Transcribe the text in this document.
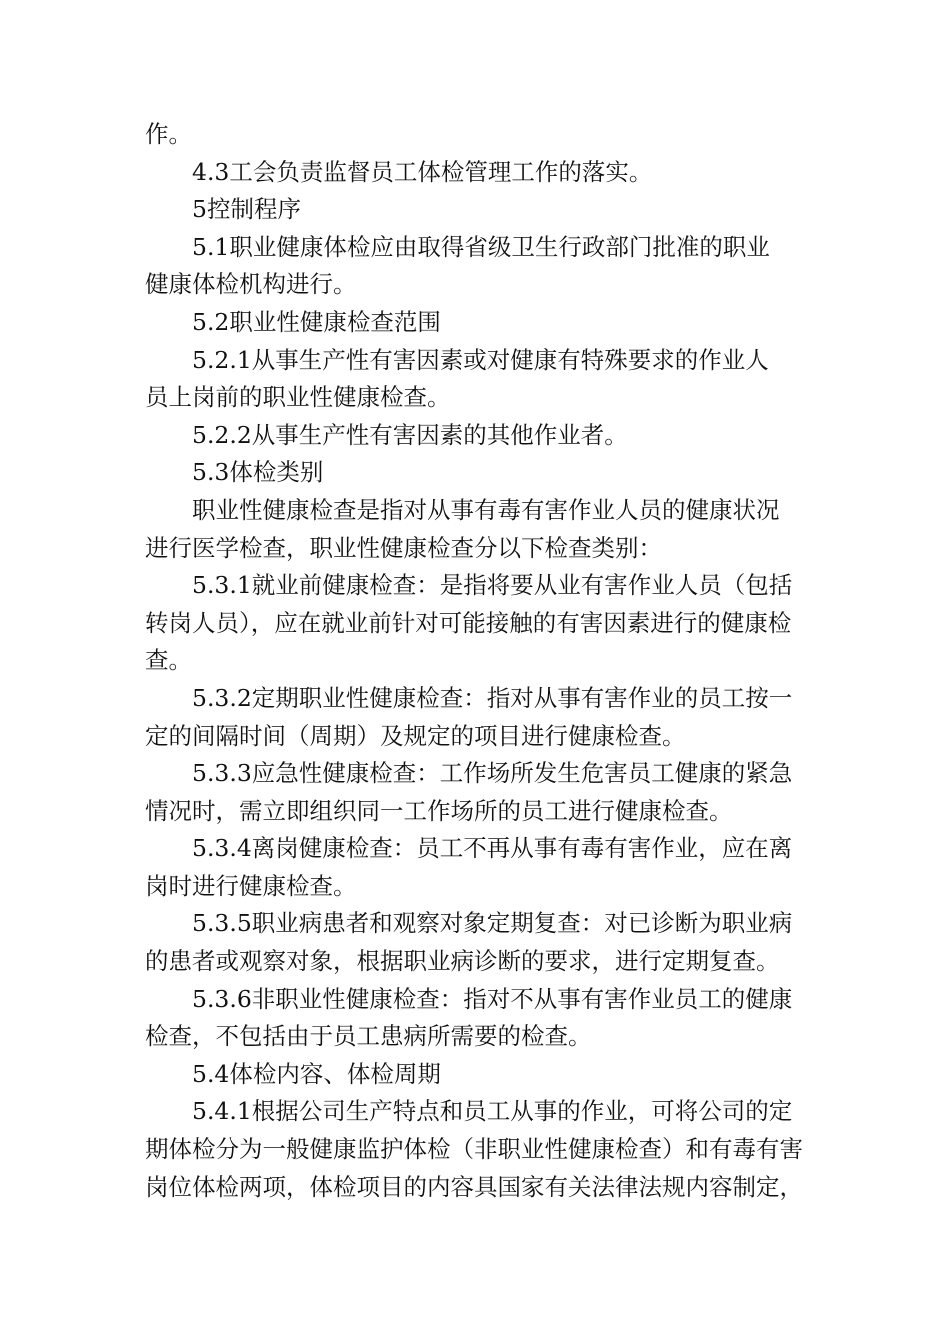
作。

4.3工会负责监督员工体检管理工作的落实。

5控制程序

5.1职业健康体检应由取得省级卫生行政部门批准的职业

健康体检机构进行。

5.2职业性健康检查范围

5.2.1从事生产性有害因素或对健康有特殊要求的作业人

员上岗前的职业性健康检查。

5.2.2从事生产性有害因素的其他作业者。

5.3体检类别

职业性健康检查是指对从事有毒有害作业人员的健康状况

进行医学检查，职业性健康检查分以下检查类别：

5.3.1就业前健康检查：是指将要从业有害作业人员（包括

转岗人员），应在就业前针对可能接触的有害因素进行的健康检

查。

5.3.2定期职业性健康检查：指对从事有害作业的员工按一

定的间隔时间（周期）及规定的项目进行健康检查。

5.3.3应急性健康检查：工作场所发生危害员工健康的紧急

情况时，需立即组织同一工作场所的员工进行健康检查。

5.3.4离岗健康检查：员工不再从事有毒有害作业，应在离

岗时进行健康检查。

5.3.5职业病患者和观察对象定期复查：对已诊断为职业病

的患者或观察对象，根据职业病诊断的要求，进行定期复查。

5.3.6非职业性健康检查：指对不从事有害作业员工的健康

检查，不包括由于员工患病所需要的检查。

5.4体检内容、体检周期

5.4.1根据公司生产特点和员工从事的作业，可将公司的定

期体检分为一般健康监护体检（非职业性健康检查）和有毒有害

岗位体检两项，体检项目的内容具国家有关法律法规内容制定，
